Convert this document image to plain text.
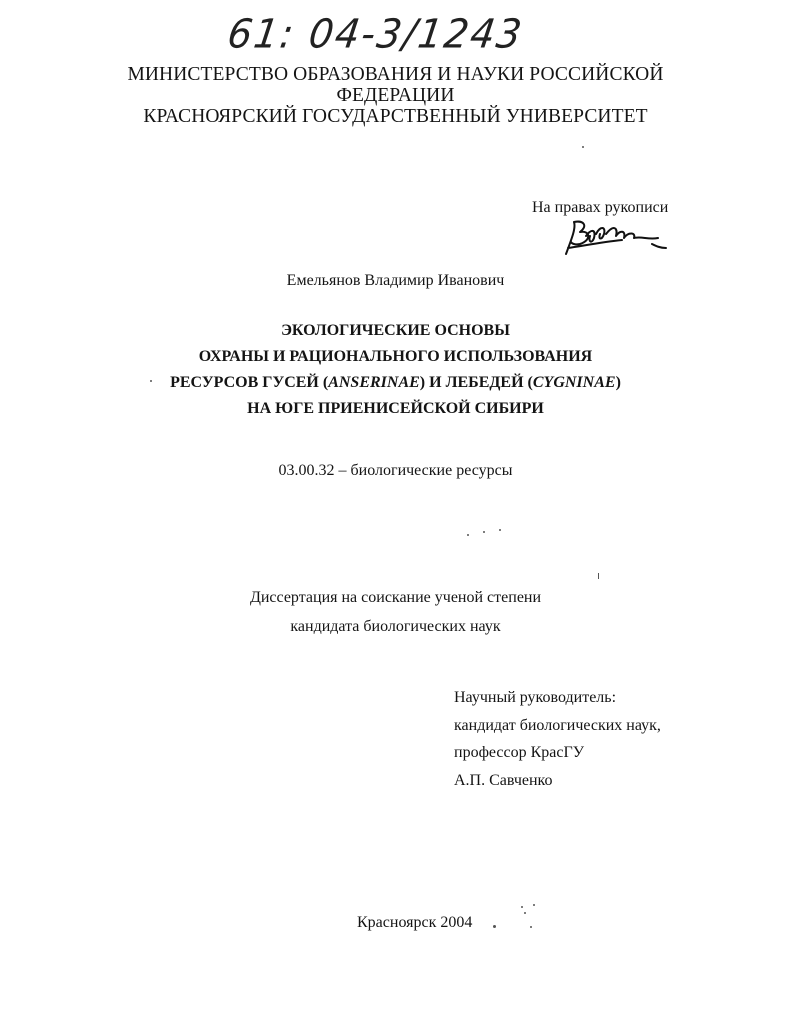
61: 04-3/1243
МИНИСТЕРСТВО ОБРАЗОВАНИЯ И НАУКИ РОССИЙСКОЙ
ФЕДЕРАЦИИ
КРАСНОЯРСКИЙ ГОСУДАРСТВЕННЫЙ УНИВЕРСИТЕТ
На правах рукописи
Емельянов Владимир Иванович
ЭКОЛОГИЧЕСКИЕ ОСНОВЫ
ОХРАНЫ И РАЦИОНАЛЬНОГО ИСПОЛЬЗОВАНИЯ
РЕСУРСОВ ГУСЕЙ (ANSERINAE) И ЛЕБЕДЕЙ (CYGNINAE)
НА ЮГЕ ПРИЕНИСЕЙСКОЙ СИБИРИ
03.00.32 – биологические ресурсы
Диссертация на соискание ученой степени
кандидата биологических наук
Научный руководитель:
кандидат биологических наук,
профессор КрасГУ
А.П. Савченко
Красноярск 2004
